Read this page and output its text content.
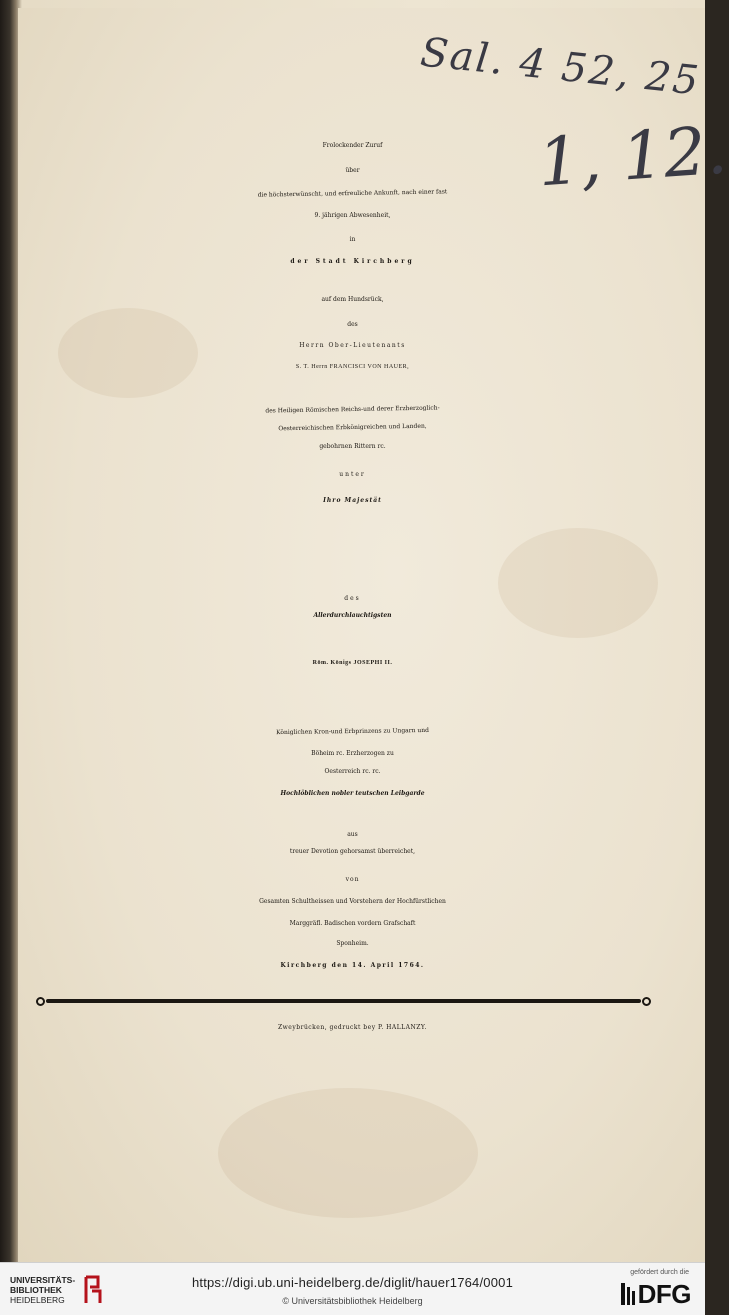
Sal. 4 52, 25
1, 12.
Frolockender Zuruf
über
die höchsterwünscht, und erfreuliche Ankunft, nach einer fast
9. jährigen Abwesenheit,
in
der Stadt Kirchberg
auf dem Hundsrück,
des
Herrn Ober-Lieutenants
S. T. Herrn FRANCISCI VON HAUER,
des Heiligen Römischen Reichs-und derer Erzherzoglich-
Oesterreichischen Erbkönigreichen und Landen,
gebohrnen Rittern rc.
unter
Ihro Majestät
des
Allerdurchlauchtigsten
Röm. Königs JOSEPHI II.
Königlichen Kron-und Erbprinzens zu Ungarn und
Böheim rc. Erzherzogen zu
Oesterreich rc. rc.
Hochlöblichen nobler teutschen Leibgarde
aus
treuer Devotion gehorsamst überreichet,
von
Gesamten Schultheissen und Vorstehern der Hochfürstlichen
Marggräfl. Badischen vordern Grafschaft
Sponheim.
Kirchberg den 14. April 1764.
Zweybrücken, gedruckt bey P. HALLANZY.
UNIVERSITÄTS-
BIBLIOTHEK
HEIDELBERG
https://digi.ub.uni-heidelberg.de/diglit/hauer1764/0001
© Universitätsbibliothek Heidelberg
gefördert durch die
DFG
